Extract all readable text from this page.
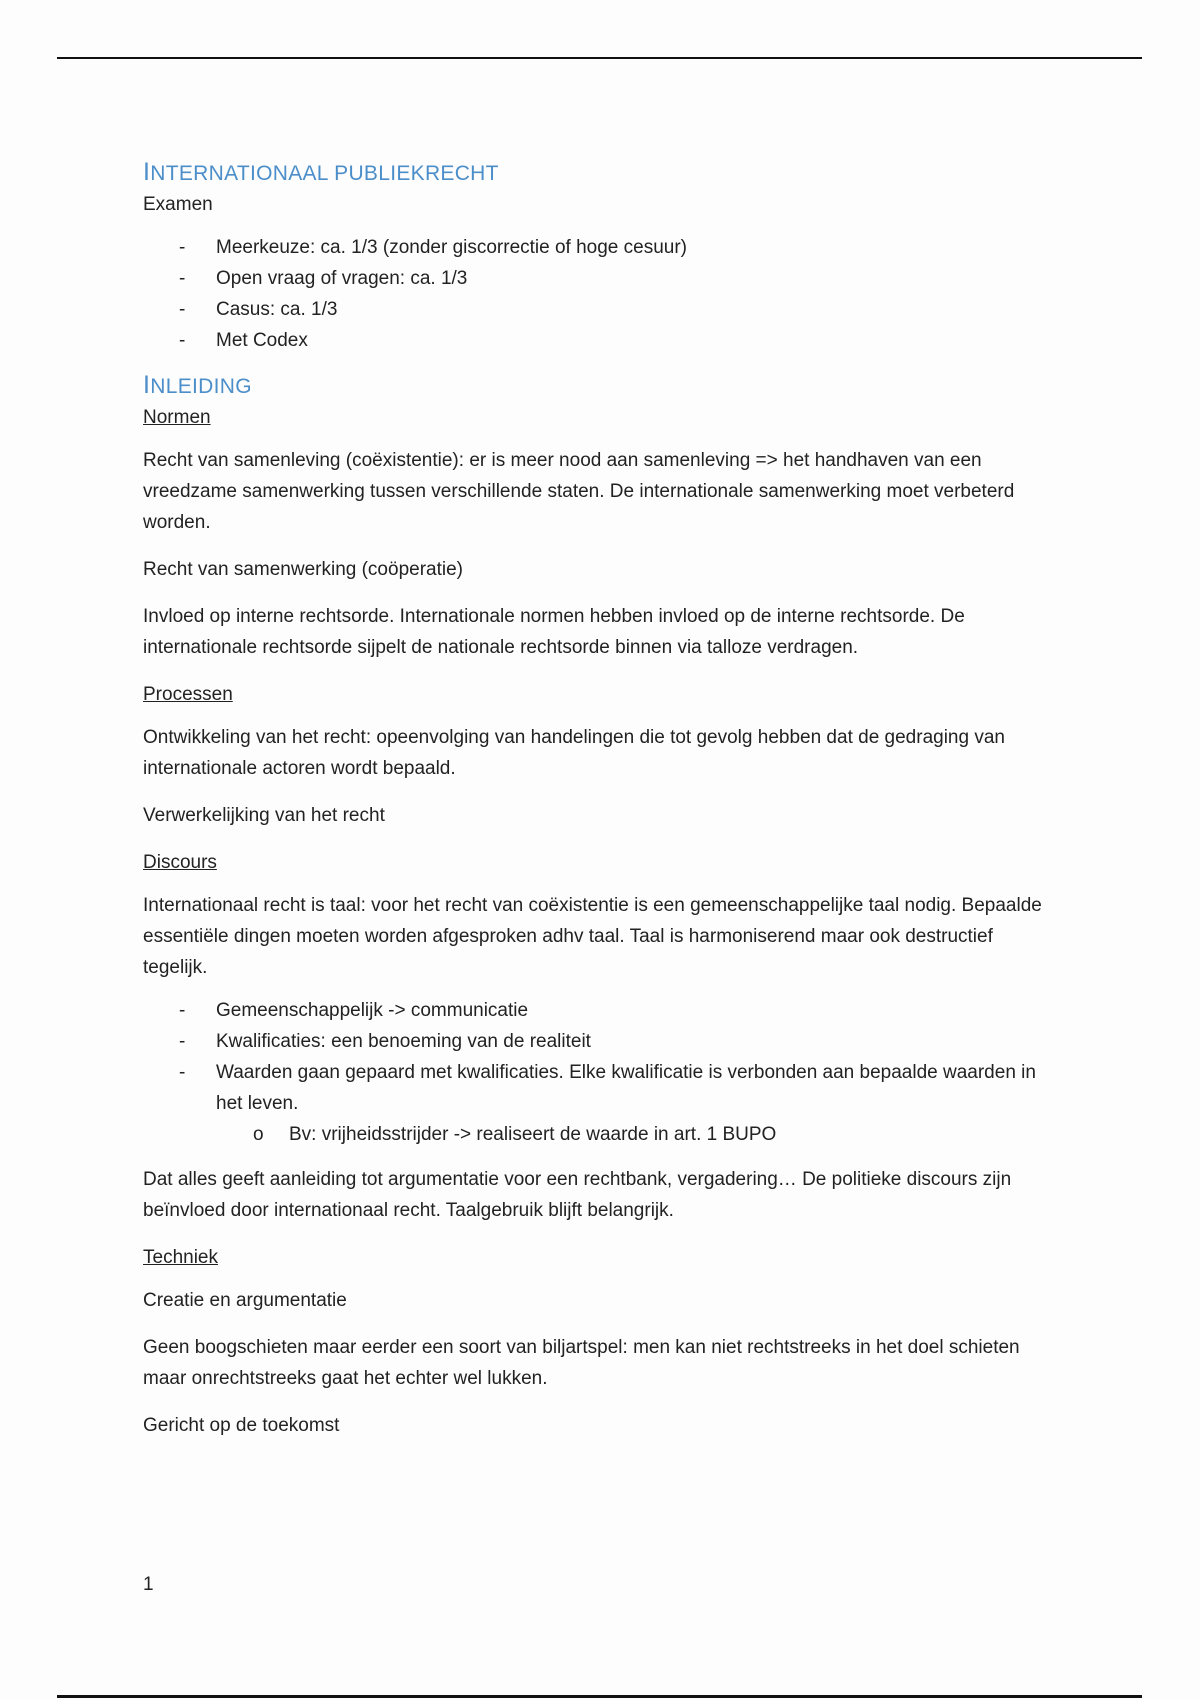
INTERNATIONAAL PUBLIEKRECHT

Examen

- Meerkeuze: ca. 1/3 (zonder giscorrectie of hoge cesuur)
- Open vraag of vragen: ca. 1/3
- Casus: ca. 1/3
- Met Codex
INLEIDING

Normen

Recht van samenleving (coëxistentie): er is meer nood aan samenleving => het handhaven van een vreedzame samenwerking tussen verschillende staten. De internationale samenwerking moet verbeterd worden.

Recht van samenwerking (coöperatie)

Invloed op interne rechtsorde. Internationale normen hebben invloed op de interne rechtsorde. De internationale rechtsorde sijpelt de nationale rechtsorde binnen via talloze verdragen.

Processen

Ontwikkeling van het recht: opeenvolging van handelingen die tot gevolg hebben dat de gedraging van internationale actoren wordt bepaald.

Verwerkelijking van het recht

Discours

Internationaal recht is taal: voor het recht van coëxistentie is een gemeenschappelijke taal nodig. Bepaalde essentiële dingen moeten worden afgesproken adhv taal. Taal is harmoniserend maar ook destructief tegelijk.

- Gemeenschappelijk -> communicatie
- Kwalificaties: een benoeming van de realiteit
- Waarden gaan gepaard met kwalificaties. Elke kwalificatie is verbonden aan bepaalde waarden in het leven.
o Bv: vrijheidsstrijder -> realiseert de waarde in art. 1 BUPO

Dat alles geeft aanleiding tot argumentatie voor een rechtbank, vergadering… De politieke discours zijn beïnvloed door internationaal recht. Taalgebruik blijft belangrijk.

Techniek

Creatie en argumentatie

Geen boogschieten maar eerder een soort van biljartspel: men kan niet rechtstreeks in het doel schieten maar onrechtstreeks gaat het echter wel lukken.

Gericht op de toekomst

1
